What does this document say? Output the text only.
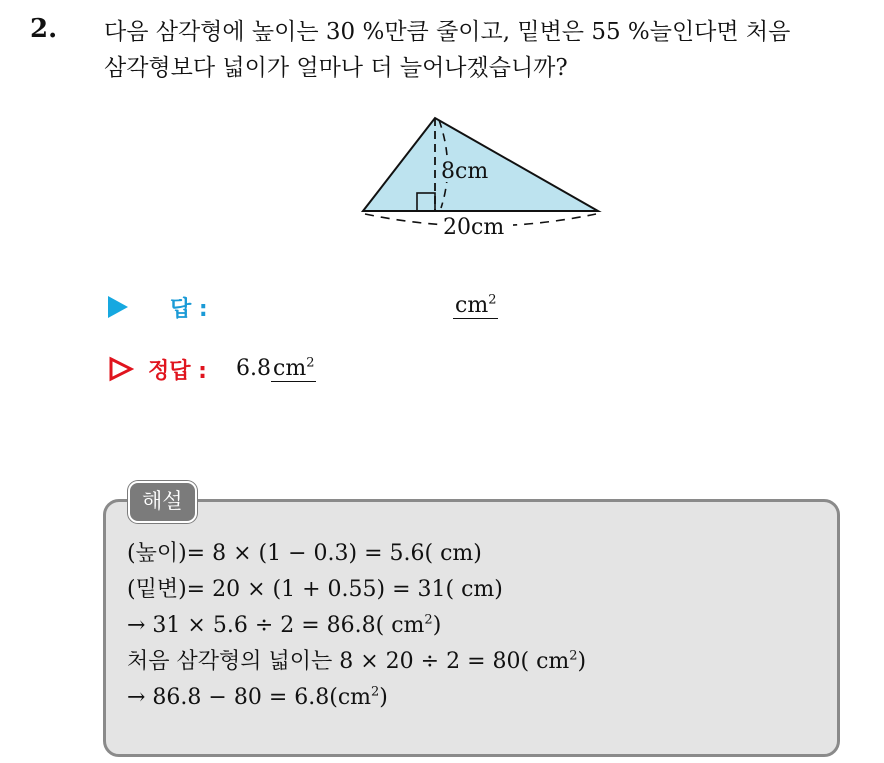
2. 다음 삼각형에 높이는 30 %만큼 줄이고, 밑변은 55 %늘인다면 처음
삼각형보다 넓이가 얼마나 더 늘어나겠습니까?
8cm
20cm
답 :	$cm^2$
정답 : $6.8cm^2$
해설
(높이)= 8 × (1 − 0.3) = 5.6( cm)
(밑변)= 20 × (1 + 0.55) = 31( cm)
→ 31 × 5.6 ÷ 2 = 86.8( $cm^2$)
처음 삼각형의 넓이는 8 × 20 ÷ 2 = 80( $cm^2$)
→ $86.8 - 80 = 6.8(cm^2)$
